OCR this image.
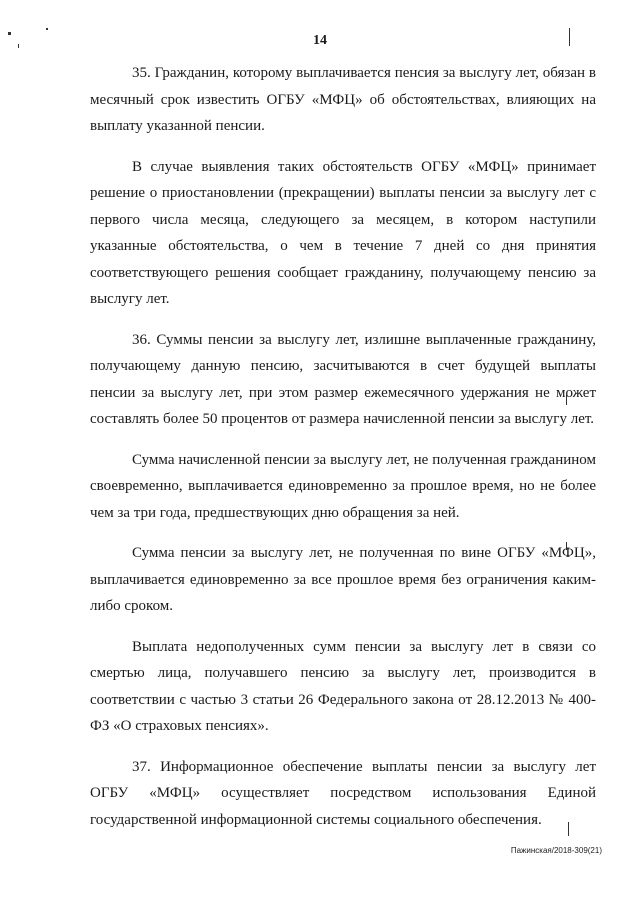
14

35. Гражданин, которому выплачивается пенсия за выслугу лет, обязан в месячный срок известить ОГБУ «МФЦ» об обстоятельствах, влияющих на выплату указанной пенсии.

В случае выявления таких обстоятельств ОГБУ «МФЦ» принимает решение о приостановлении (прекращении) выплаты пенсии за выслугу лет с первого числа месяца, следующего за месяцем, в котором наступили указанные обстоятельства, о чем в течение 7 дней со дня принятия соответствующего решения сообщает гражданину, получающему пенсию за выслугу лет.

36. Суммы пенсии за выслугу лет, излишне выплаченные гражданину, получающему данную пенсию, засчитываются в счет будущей выплаты пенсии за выслугу лет, при этом размер ежемесячного удержания не может составлять более 50 процентов от размера начисленной пенсии за выслугу лет.

Сумма начисленной пенсии за выслугу лет, не полученная гражданином своевременно, выплачивается единовременно за прошлое время, но не более чем за три года, предшествующих дню обращения за ней.

Сумма пенсии за выслугу лет, не полученная по вине ОГБУ «МФЦ», выплачивается единовременно за все прошлое время без ограничения каким-либо сроком.

Выплата недополученных сумм пенсии за выслугу лет в связи со смертью лица, получавшего пенсию за выслугу лет, производится в соответствии с частью 3 статьи 26 Федерального закона от 28.12.2013 № 400-ФЗ «О страховых пенсиях».

37. Информационное обеспечение выплаты пенсии за выслугу лет ОГБУ «МФЦ» осуществляет посредством использования Единой государственной информационной системы социального обеспечения.

Пажинская/2018-309(21)
